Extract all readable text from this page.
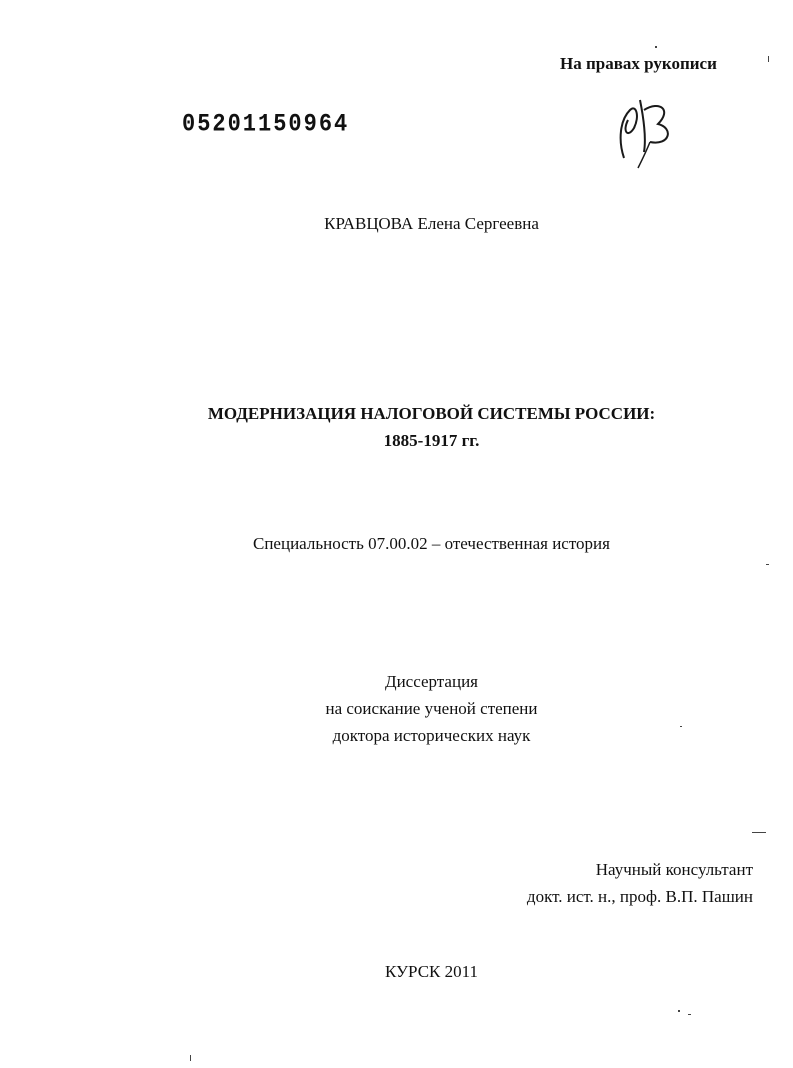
На правах рукописи
05201150964
КРАВЦОВА Елена Сергеевна
МОДЕРНИЗАЦИЯ НАЛОГОВОЙ СИСТЕМЫ РОССИИ:
1885-1917 гг.
Специальность 07.00.02 – отечественная история
Диссертация
на соискание ученой степени
доктора исторических наук
Научный консультант
докт. ист. н., проф. В.П. Пашин
КУРСК 2011
